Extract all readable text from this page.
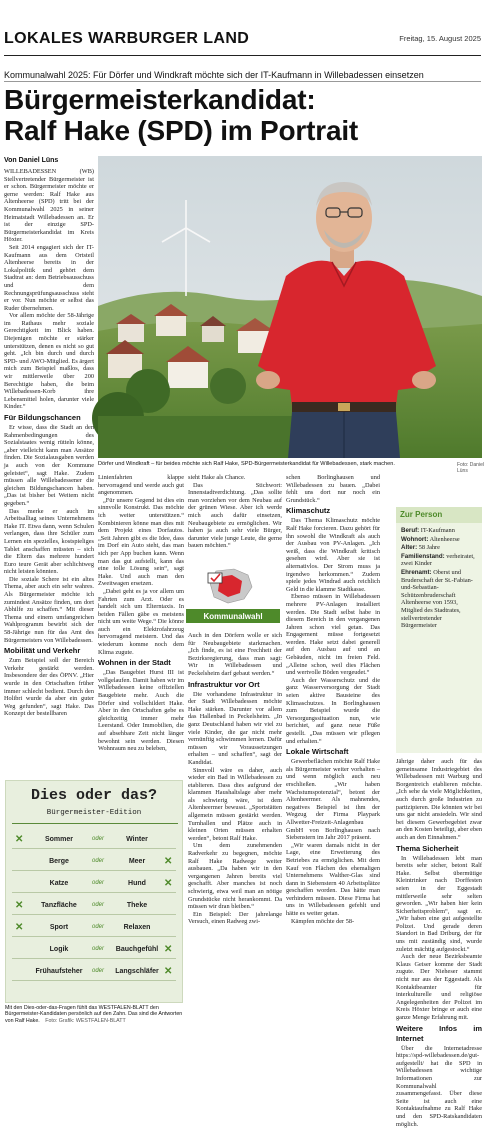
LOKALES WARBURGER LAND	Freitag, 15. August 2025
Kommunalwahl 2025: Für Dörfer und Windkraft möchte sich der IT-Kaufmann in Willebadessen einsetzen
Bürgermeisterkandidat:
Ralf Hake (SPD) im Portrait
Von Daniel Lüns

WILLEBADESSEN (WB) Stellvertretender Bürgermeister ist er schon. Bürgermeister möchte er gerne werden: Ralf Hake aus Altenheerse (SPD) tritt bei der Kommunalwahl 2025 in seiner Heimatstadt Willebadessen an. Er ist der einzige SPD-Bürgermeisterkandidat im Kreis Höxter.

Seit 2014 engagiert sich der IT-Kaufmann aus dem Ortsteil Altenheerse bereits in der Lokalpolitik und gehört dem Stadtrat an: dem Betriebsausschuss und dem Rechnungsprüfungsausschuss steht er vor. Nun möchte er selbst das Ruder übernehmen.

Vor allem möchte der 58-Jährige im Rathaus mehr soziale Gerechtigkeit im Blick haben. Diejenigen möchte er stärker unterstützen, denen es nicht so gut geht. „Ich bin durch und durch SPD- und AWO-Mitglied. Es ärgert mich zum Beispiel maßlos, dass wir mittlerweile über 200 Berechtigte haben, die beim Willebadessen-Korb ihre Lebensmittel holen, darunter viele Kinder.“

Für Bildungschancen

Er wisse, dass die Stadt an den Rahmenbedingungen des Sozialstaates wenig rütteln könne, „aber vielleicht kann man Ansätze finden. Die Sozialausgaben werden ja auch von der Kommune geleistet“, sagt Hake. Zudem müssen alle Willebadessener die gleichen Bildungschancen haben. „Das ist bisher bei Weitem nicht gegeben.“

Das merke er auch im Arbeitsalltag seines Unternehmens Hake IT. Etwa dann, wenn Schulen verlangen, dass ihre Schüler zum Lernen ein spezielles, kostspieliges Tablet anschaffen müssten – sich die Eltern das mehrere hundert Euro teure Gerät aber schlichtweg nicht leisten könnten.

Die soziale Schere ist ein altes Thema, aber auch ein sehr wahres. Als Bürgermeister möchte ich zumindest Ansätze finden, um dort Abhilfe zu schaffen.“ Mit dieser Thema und einem umfangreichen Wahlprogramm bewirbt sich der 58-Jährige nun für das Amt des Bürgermeisters von Willebadessen.

Mobilität und Verkehr

Zum Beispiel soll der Bereich Verkehr gestärkt werden. Insbesondere der des ÖPNV. „Hier wurde in den Ortschaften früher immer schlecht bedient. Durch den Holibri wurde da aber ein guter Weg gefunden“, sagt Hake. Das Konzept der bestellbaren

Dörfer und Windkraft – für beides möchte sich Ralf Hake, SPD-Bürgermeisterkandidat für Willebadessen, stark machen.	Foto: Daniel Lüns

Linienfahrten klappe hervorragend und werde auch gut angenommen.

„Für unsere Gegend ist dies ein sinnvolle Konstrukt. Das möchte ich weiter unterstützen.“ Kombinieren könne man dies mit dem Projekt eines Dorfautos. „Seit Jahren gibt es die Idee, dass im Dorf ein Auto steht, das man sich per App buchen kann. Wenn man das gut aufstellt, kann das eine tolle Lösung sein“, sagt Hake. Und auch man den Zweitwagen ersetzen.

„Dabei geht es ja vor allem um Fahrten zum Arzt. Oder es handelt sich um Elterntaxis. In beiden Fällen gäbe es meistens nicht um weite Wege.“ Die könne auch ein Elektrofahrzeug hervorragend meistern. Und das wiederum komme noch dem Klima zugute.

Wohnen in der Stadt

„Das Baugebiet Hurst III ist vollgelaufen. Damit haben wir im Willebadessen keine offiziellen Baugebiete mehr. Auch die Dörfer sind vollschildert Hake. Aber in den Ortschaften gebe es gleichzeitig immer mehr Leerstand. Oder Immobilien, die auf absehbare Zeit nicht länger bewohnt sein werden. Diesen Wohnraum neu zu beleben,

sieht Hake als Chance.

Das Stichwort: Innenstadtverdichtung. „Das sollte man vorziehen vor dem Neubau auf der grünen Wiese. Aber ich werde mich auch dafür einsetzen, Neubaugebiete zu ermöglichen. Wir haben ja auch sehr viele Bürger, darunter viele junge Leute, die gerne bauen möchten.“

Kommunalwahl

Auch in den Dörfern wolle er sich für Neubaugebiete starkmachen. „Ich finde, es ist eine Frechheit der Bezirksregierung, dass man sagt: Wir in Willebadessen und Peckelsheim darf gebaut werden.“

Infrastruktur vor Ort

Die vorhandene Infrastruktur in der Stadt Willebadessen möchte Hake stärken. Darunter vor allem das Hallenbad in Peckelsheim. „In ganz Deutschland haben wir viel zu viele Kinder, die gar nicht mehr vernünftig schwimmen lernen. Dafür müssen wir Voraussetzungen erhalten – und schaffen“, sagt der Kandidat.

Sinnvoll wäre es daher, auch wieder ein Bad in Willebadessen zu etablieren. Dass dies aufgrund der klammen Haushaltslage aber mehr als schwierig wäre, ist dem Altenheermer bewusst. „Sportstätten allgemein müssen gestärkt werden. Turnhallen und Plätze auch in kleinen Orten müssen erhalten werden“, betont Ralf Hake.

Um dem zunehmenden Radverkehr zu begegnen, möchte Ralf Hake Radwege weiter ausbauen. „Da haben wir in den vergangenen Jahren bereits viel geschafft. Aber manches ist noch schwierig, etwa weil man an nötige Grundstücke nicht herankommt. Da müssen wir dran bleiben.“

Ein Beispiel: Der jahrelange Versuch, einen Radweg zwi-

schen Borlinghausen und Willebadessen zu bauen. „Dabei fehlt uns dort nur noch ein Grundstück.“

Klimaschutz

Das Thema Klimaschutz möchte Ralf Hake forcieren. Dazu gehört für ihn sowohl die Windkraft als auch der Ausbau von PV-Anlagen. „Ich weiß, dass die Windkraft kritisch gesehen wird. Aber sie ist alternativlos. Der Strom muss ja irgendwo herkommen.“ Zudem spiele jedes Windrad auch reichlich Geld in die klamme Stadtkasse.

Ebenso müssen in Willebadessen mehrere PV-Anlagen installiert werden. Die Stadt selbst habe in diesem Bereich in den vergangenen Jahren schon viel getan. Das Engagement müsse fortgesetzt werden. Hake setzt dabei generell auf den Ausbau auf und an Gebäuden, nicht im freien Feld. „Alleine schon, weil dies Flächen und wertvolle Böden vergeudet.“

Auch der Wasserschutz und die ganz Wasserversorgung der Stadt seien aktive Bausteine des Klimaschutzes. In Borlinghausen zum Beispiel wurde die Versorgungssituation nun, wie berichtet, auf ganz neue Füße gestellt. „Das müssen wir pflegen und erhalten.“

Lokale Wirtschaft

Gewerbeflächen möchte Ralf Hake als Bürgermeister weiter vorhalten – und wenn möglich auch neu erschließen. „Wir haben Wachstumspotenzial“, betont der Altenheermer. Als mahnendes, negatives Beispiel ist ihm der Wegzug der Firma Playpark Allwetter-Freizeit-Anlagenbau GmbH von Borlinghausen nach Siebenstern im Jahr 2017 präsent.

„Wir waren damals nicht in der Lage, eine Erweiterung des Betriebes zu ermöglichen. Mit dem Kauf von Flächen des ehemaligen Unternehmens Walther-Glas sind dann in Siebenstern 40 Arbeitsplätze geschaffen worden. Das hätte man verhindern müssen. Diese Firma hat uns in Willebadessen gefehlt und hätte es weiter getan.

Kämpfen möchte der 58-

Zur Person

Beruf: IT-Kaufmann

Wohnort: Altenheerse

Alter: 58 Jahre

Familienstand: verheiratet, zwei Kinder

Ehrenamt: Oberst und Bruderschaft der St.-Fabian-und-Sebastian-Schützenbruderschaft Altenheerse von 1593, Mitglied des Stadtrates, stellvertretender Bürgermeister

Jährige daher auch für das gemeinsame Industriegebiet des Willebadessen mit Warburg und Borgentreich etablieren möchte. „Ich sehe da viele Möglichkeiten, auch durch große Industrien zu partizipieren. Die könnten wir bei uns gar nicht ansiedeln. Wir sind bei diesem Gewerbegebiet zwar an den Kosten beteiligt, aber eben auch an den Einnahmen.“

Thema Sicherheit

In Willebadessen lebt man bereits sehr sicher, betont Ralf Hake. Selbst übermütige Kleintrinker nach Dorffesten seien in der Eggestadt mittlerweile sehr selten geworden. „Wir haben hier kein Sicherheitsproblem“, sagt er. „Wir haben eine gut aufgestellte Polizei. Und gerade deren Standort in Bad Driburg, der für uns mit zuständig sind, wurde zuletzt mächtig aufgestockt.“

Auch der neue Bezirksbeamte Klaus Geiser komme der Stadt zugute. Der Nieheser stammt nicht nur aus der Eggestadt. Als Kontaktbeamter für interkulturelle und religiöse Angelegenheiten der Polizei im Kreis Höxter bringe er auch eine ganze Menge Erfahrung mit.

Weitere Infos im Internet

Über die Internetadresse https://spd-willebadessen.de/gut-aufgestellt/ hat die SPD in Willebadessen wichtige Informationen zur Kommunalwahl zusammengefasst. Über diese Seite ist auch eine Kontaktaufnahme zu Ralf Hake und den SPD-Ratskandidaten möglich.

Dies oder das?
Bürgermeister-Edition
✕	Sommer	oder	Winter
Berge	oder	Meer	✕
Katze	oder	Hund	✕
✕	Tanzfläche	oder	Theke
✕	Sport	oder	Relaxen
Logik	oder	Bauchgefühl ✕
Frühaufsteher	oder	Langschläfer ✕
Mit den Dies-oder-das-Fragen fühlt das WESTFALEN-BLATT den Bürgermeister-Kandidaten persönlich auf den Zahn. Das sind die Antworten von Ralf Hake. Foto: Grafik: WESTFALEN-BLATT
